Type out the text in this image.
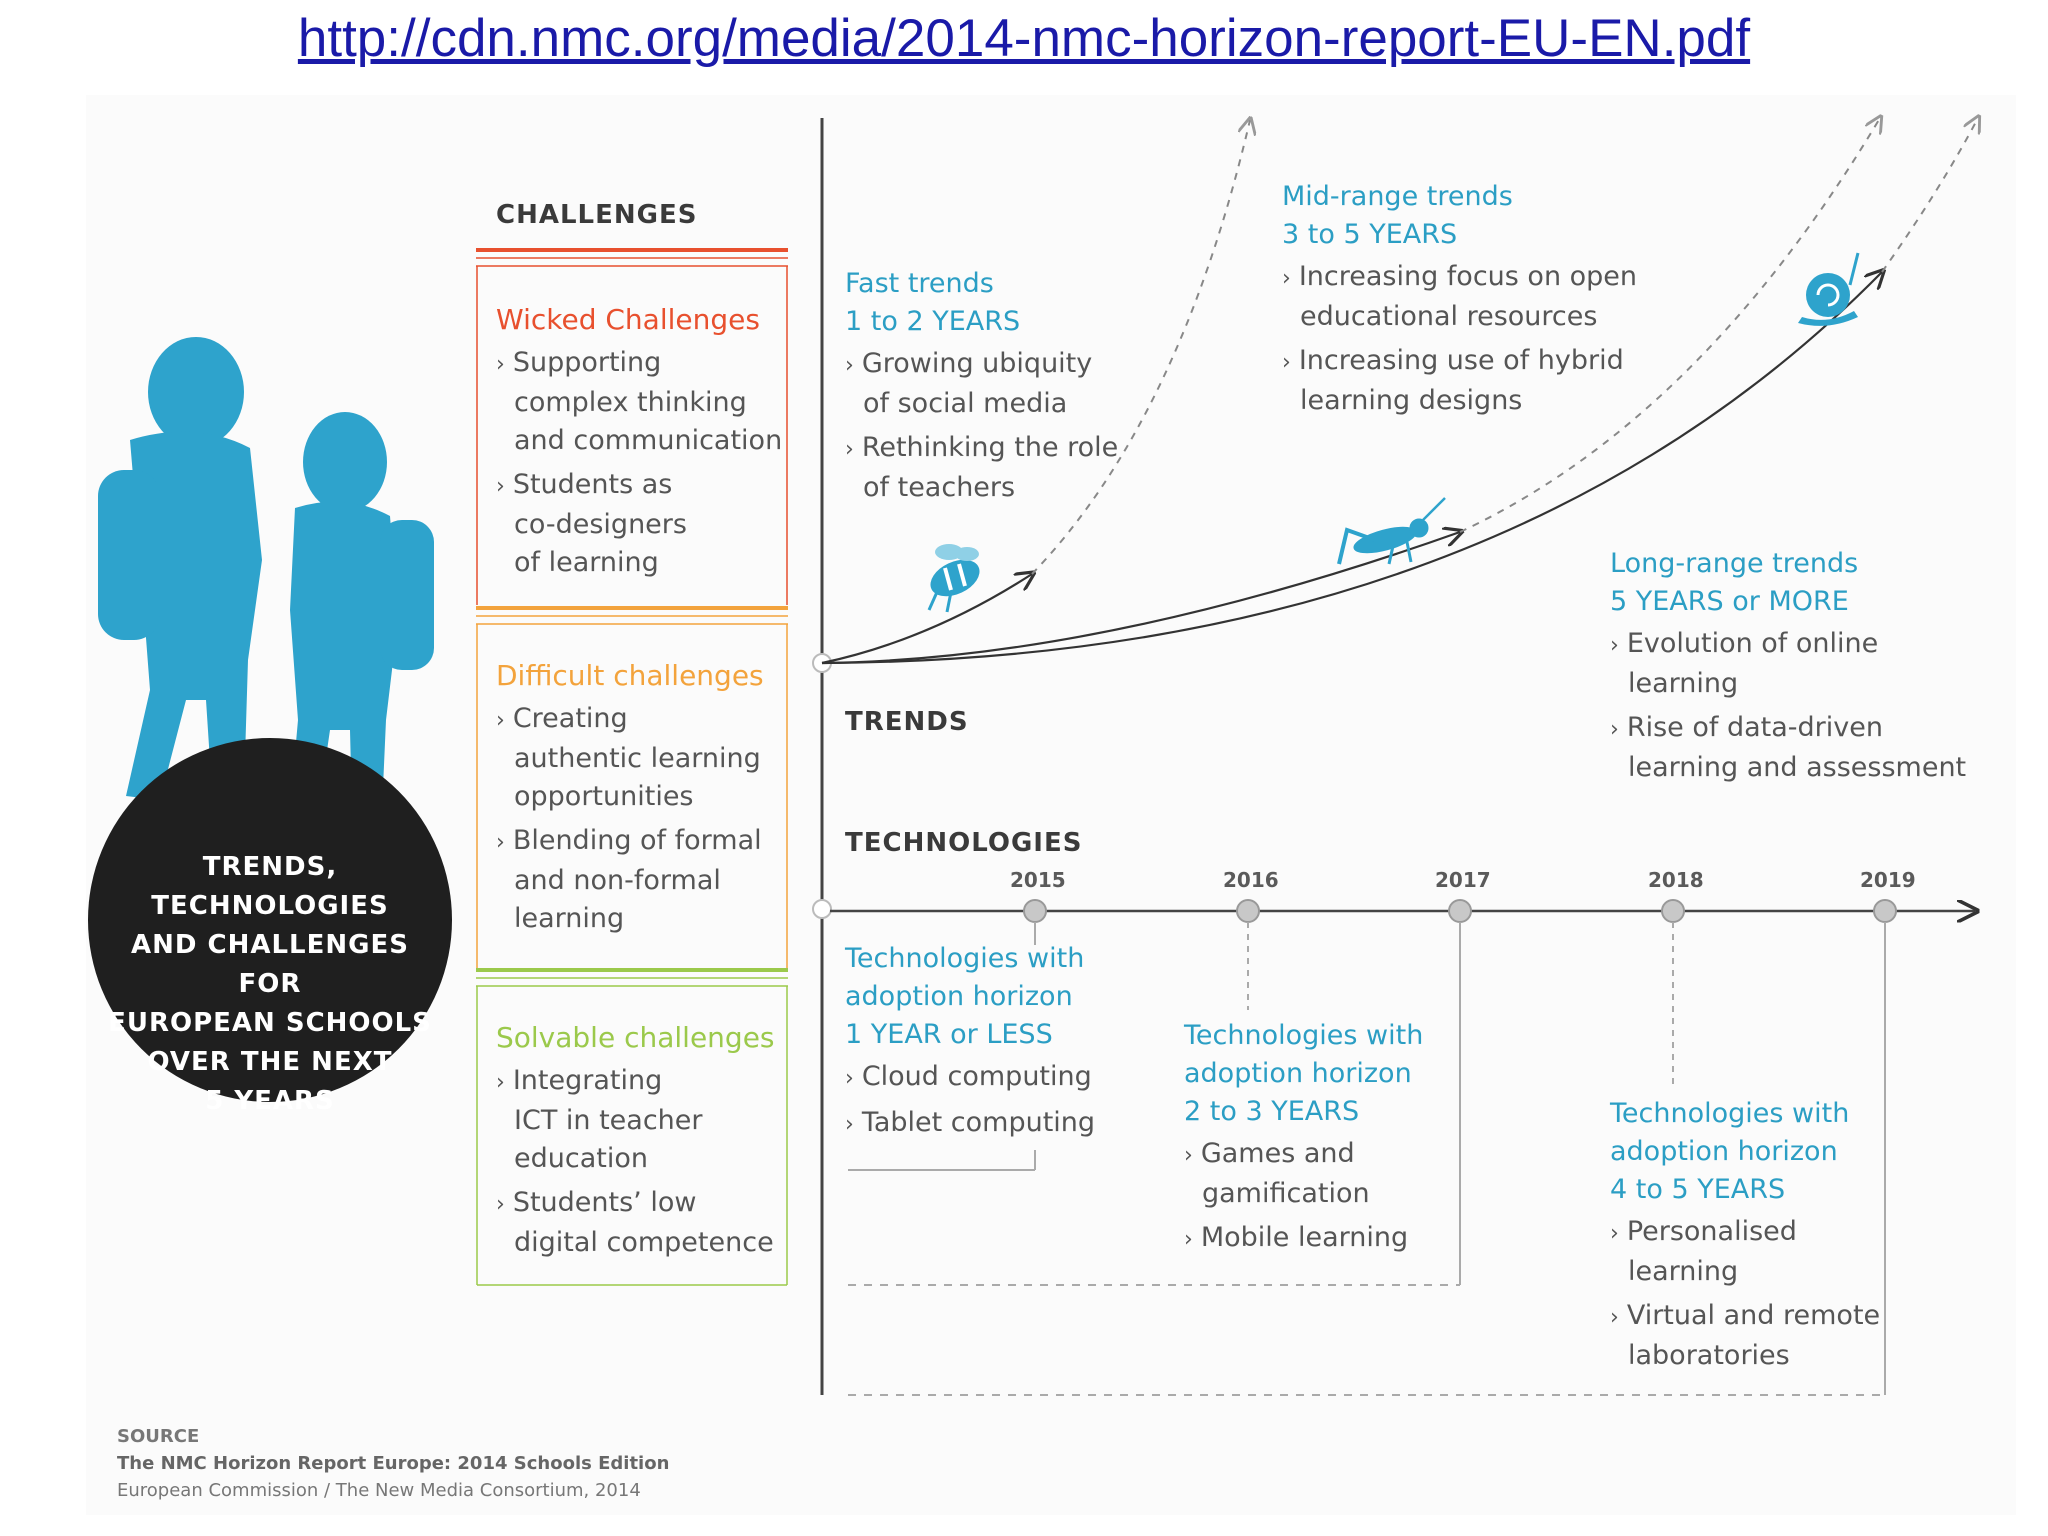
http://cdn.nmc.org/media/2014-nmc-horizon-report-EU-EN.pdf
TRENDS, TECHNOLOGIES
AND CHALLENGES FOR
EUROPEAN SCHOOLS
OVER THE NEXT
5 YEARS
CHALLENGES
Wicked Challenges
› Supporting
complex thinking
and communication
› Students as
co-designers
of learning
Difficult challenges
› Creating
authentic learning
opportunities
› Blending of formal
and non-formal
learning
Solvable challenges
› Integrating
ICT in teacher
education
› Students’ low
digital competence
Fast trends
1 to 2 YEARS
› Growing ubiquity
of social media
› Rethinking the role
of teachers
Mid-range trends
3 to 5 YEARS
› Increasing focus on open
educational resources
› Increasing use of hybrid
learning designs
Long-range trends
5 YEARS or MORE
› Evolution of online
learning
› Rise of data-driven
learning and assessment
TRENDS
TECHNOLOGIES
2015	2016	2017	2018	2019
Technologies with
adoption horizon
1 YEAR or LESS
› Cloud computing
› Tablet computing
Technologies with
adoption horizon
2 to 3 YEARS
› Games and
gamification
› Mobile learning
Technologies with
adoption horizon
4 to 5 YEARS
› Personalised
learning
› Virtual and remote
laboratories
SOURCE
The NMC Horizon Report Europe: 2014 Schools Edition
European Commission / The New Media Consortium, 2014
